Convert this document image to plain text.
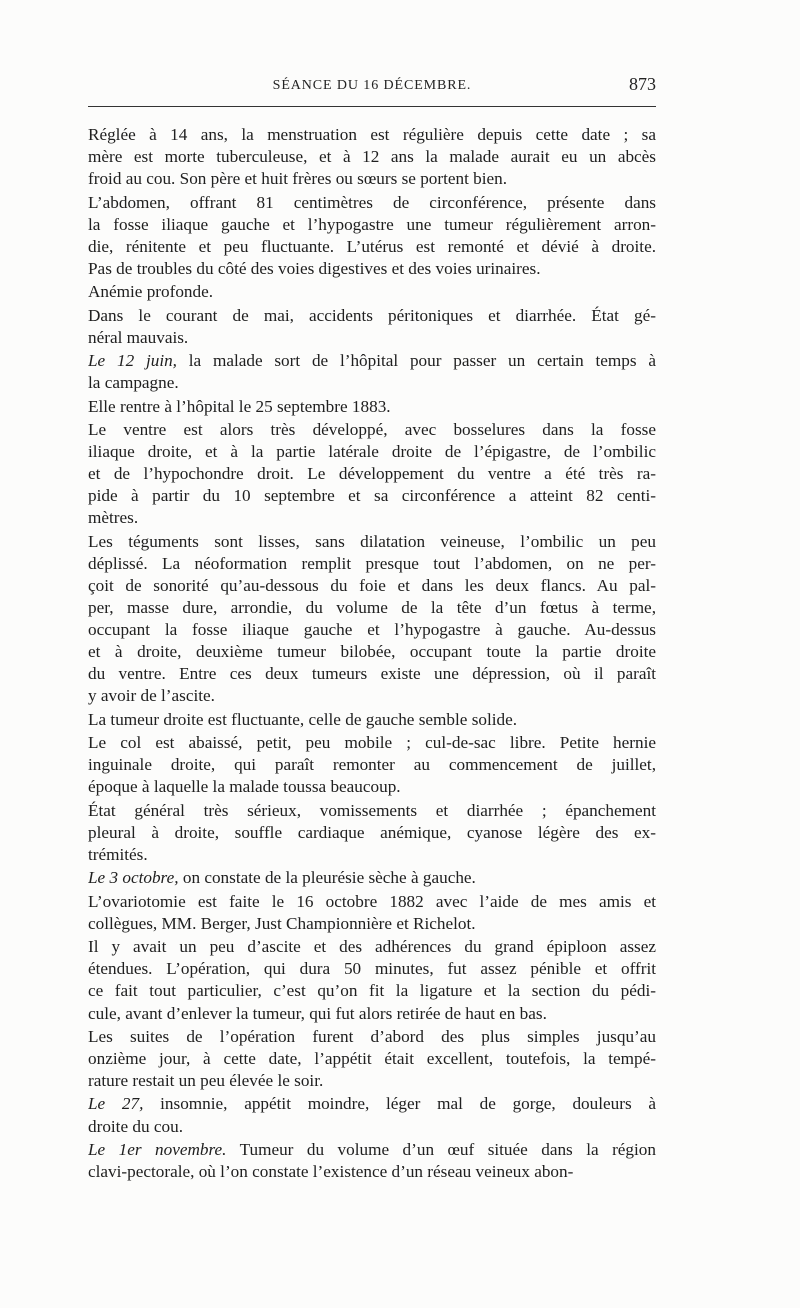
SÉANCE DU 16 DÉCEMBRE.	873
Réglée à 14 ans, la menstruation est régulière depuis cette date ; sa
mère est morte tuberculeuse, et à 12 ans la malade aurait eu un abcès
froid au cou. Son père et huit frères ou sœurs se portent bien.
L’abdomen, offrant 81 centimètres de circonférence, présente dans
la fosse iliaque gauche et l’hypogastre une tumeur régulièrement arron-
die, rénitente et peu fluctuante. L’utérus est remonté et dévié à droite.
Pas de troubles du côté des voies digestives et des voies urinaires.
Anémie profonde.
Dans le courant de mai, accidents péritoniques et diarrhée. État gé-
néral mauvais.
Le 12 juin, la malade sort de l’hôpital pour passer un certain temps à
la campagne.
Elle rentre à l’hôpital le 25 septembre 1883.
Le ventre est alors très développé, avec bosselures dans la fosse
iliaque droite, et à la partie latérale droite de l’épigastre, de l’ombilic
et de l’hypochondre droit. Le développement du ventre a été très ra-
pide à partir du 10 septembre et sa circonférence a atteint 82 centi-
mètres.
Les téguments sont lisses, sans dilatation veineuse, l’ombilic un peu
déplissé. La néoformation remplit presque tout l’abdomen, on ne per-
çoit de sonorité qu’au-dessous du foie et dans les deux flancs. Au pal-
per, masse dure, arrondie, du volume de la tête d’un fœtus à terme,
occupant la fosse iliaque gauche et l’hypogastre à gauche. Au-dessus
et à droite, deuxième tumeur bilobée, occupant toute la partie droite
du ventre. Entre ces deux tumeurs existe une dépression, où il paraît
y avoir de l’ascite.
La tumeur droite est fluctuante, celle de gauche semble solide.
Le col est abaissé, petit, peu mobile ; cul-de-sac libre. Petite hernie
inguinale droite, qui paraît remonter au commencement de juillet,
époque à laquelle la malade toussa beaucoup.
État général très sérieux, vomissements et diarrhée ; épanchement
pleural à droite, souffle cardiaque anémique, cyanose légère des ex-
trémités.
Le 3 octobre, on constate de la pleurésie sèche à gauche.
L’ovariotomie est faite le 16 octobre 1882 avec l’aide de mes amis et
collègues, MM. Berger, Just Championnière et Richelot.
Il y avait un peu d’ascite et des adhérences du grand épiploon assez
étendues. L’opération, qui dura 50 minutes, fut assez pénible et offrit
ce fait tout particulier, c’est qu’on fit la ligature et la section du pédi-
cule, avant d’enlever la tumeur, qui fut alors retirée de haut en bas.
Les suites de l’opération furent d’abord des plus simples jusqu’au
onzième jour, à cette date, l’appétit était excellent, toutefois, la tempé-
rature restait un peu élevée le soir.
Le 27, insomnie, appétit moindre, léger mal de gorge, douleurs à
droite du cou.
Le 1er novembre. Tumeur du volume d’un œuf située dans la région
clavi-pectorale, où l’on constate l’existence d’un réseau veineux abon-
